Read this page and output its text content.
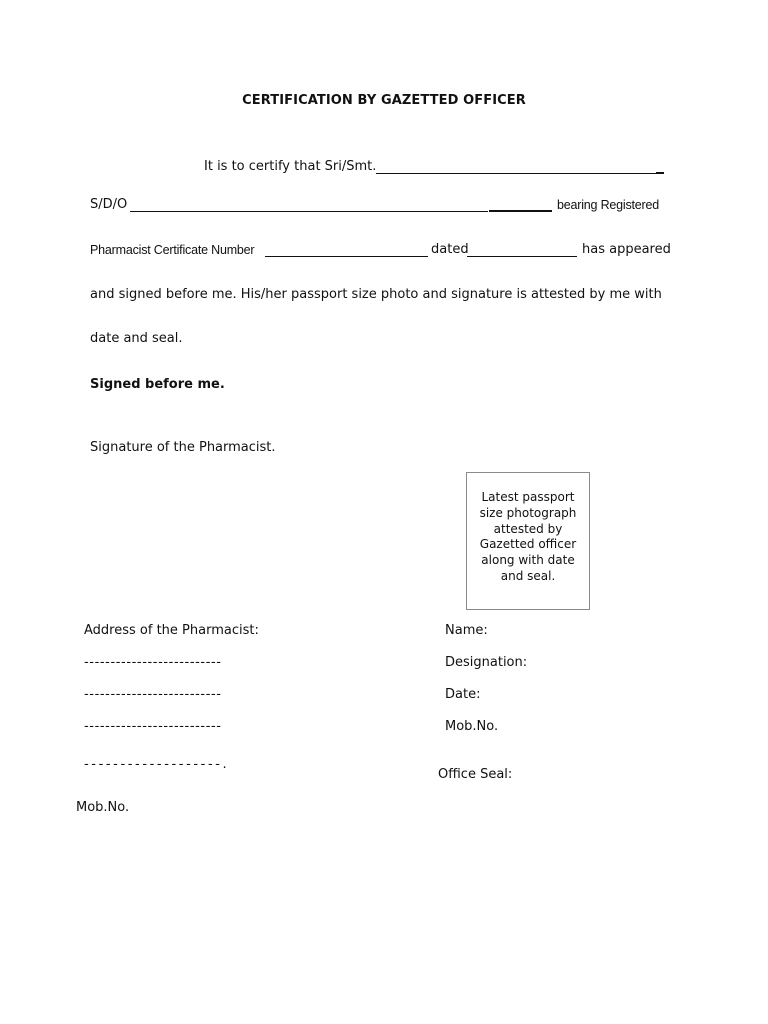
CERTIFICATION BY GAZETTED OFFICER
It is to certify that Sri/Smt.
S/D/O	bearing Registered
Pharmacist Certificate Number	dated	has appeared
and signed before me. His/her passport size photo and signature is attested by me with
date and seal.
Signed before me.
Signature of the Pharmacist.
Latest passport size photograph attested by Gazetted officer along with date and seal.
Address of the Pharmacist:
--------------------------
--------------------------
--------------------------
-------------------.
Mob.No.
Name:
Designation:
Date:
Mob.No.
Office Seal:
